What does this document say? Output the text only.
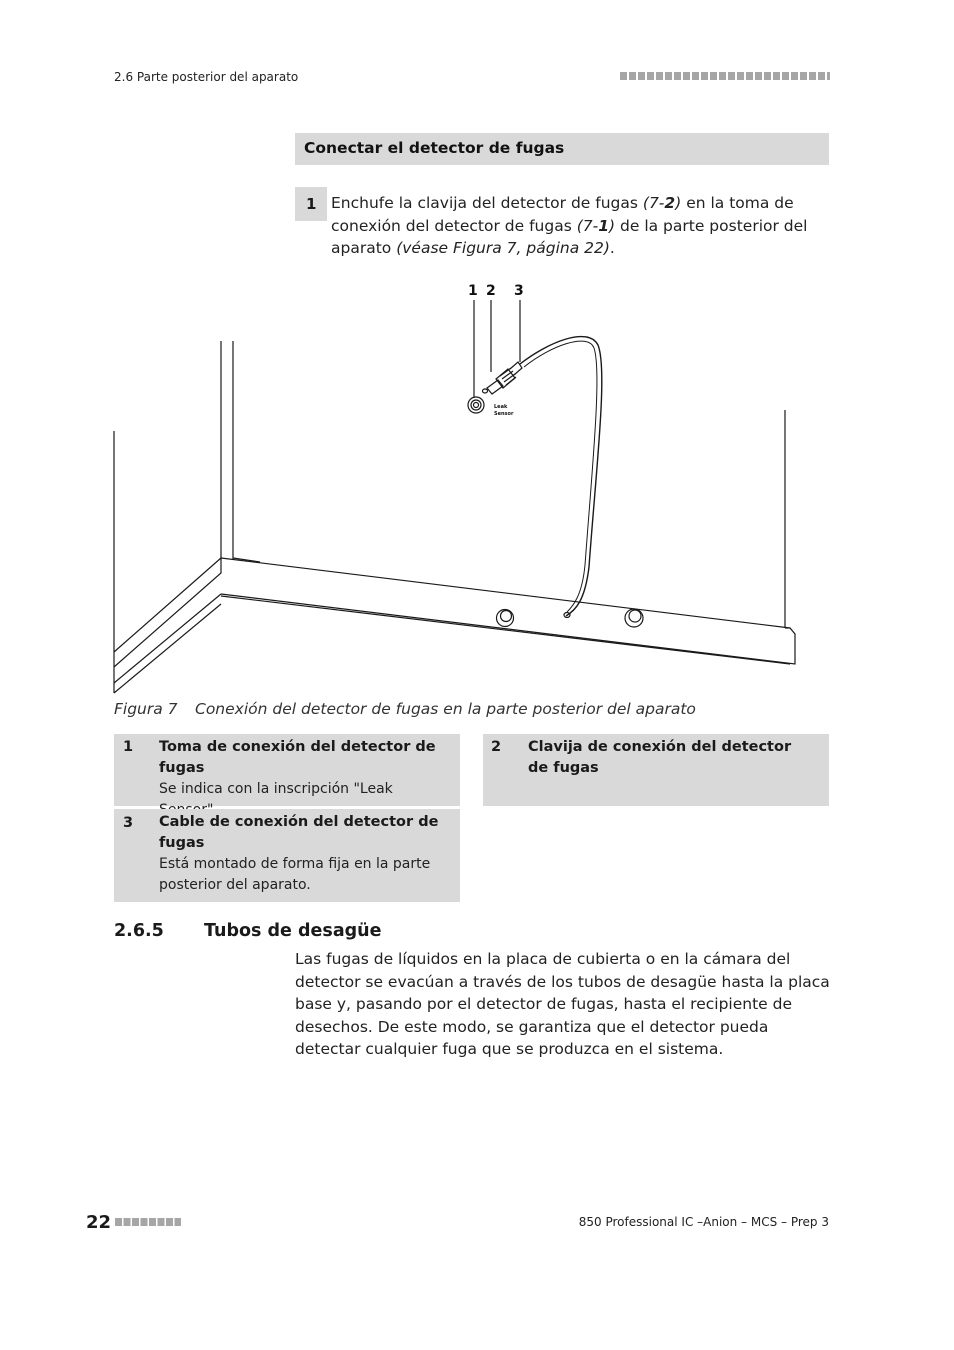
2.6 Parte posterior del aparato
Conectar el detector de fugas
1 Enchufe la clavija del detector de fugas (7-2) en la toma de conexión del detector de fugas (7-1) de la parte posterior del aparato (véase Figura 7, página 22).
1 2 3
Leak
Sensor
Figura 7 Conexión del detector de fugas en la parte posterior del aparato
1 Toma de conexión del detector de fugas
Se indica con la inscripción "Leak
2 Clavija de conexión del detector de fugas
3 Cable de conexión del detector de fugas
Está montado de forma fija en la parte posterior del aparato.
2.6.5 Tubos de desagüe
Las fugas de líquidos en la placa de cubierta o en la cámara del detector se evacúan a través de los tubos de desagüe hasta la placa base y, pasando por el detector de fugas, hasta el recipiente de desechos. De este modo, se garantiza que el detector pueda detectar cualquier fuga que se produzca en el sistema.
22	850 Professional IC –Anion – MCS – Prep 3
